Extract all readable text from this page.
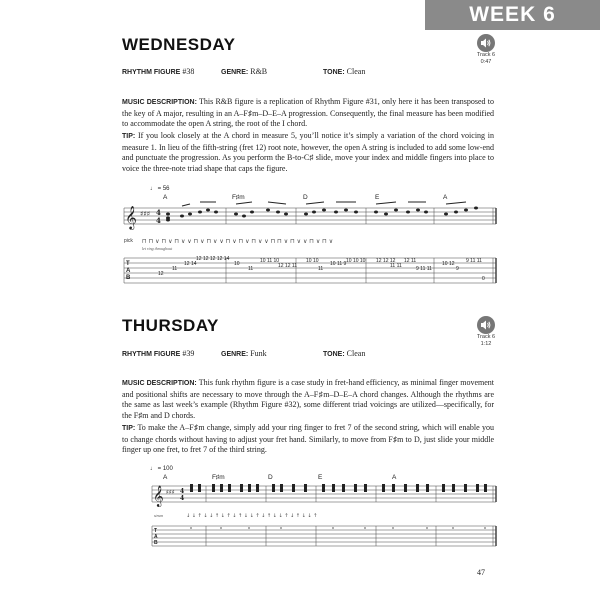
WEEK 6
WEDNESDAY
Track 6
0:47
RHYTHM FIGURE #38	GENRE: R&B	TONE: Clean
MUSIC DESCRIPTION: This R&B figure is a replication of Rhythm Figure #31, only here it has been transposed to the key of A major, resulting in an A–F♯m–D–E–A progression. Consequently, the final measure has been modified to accommodate the open A string, the root of the I chord.
TIP: If you look closely at the A chord in measure 5, you’ll notice it’s simply a variation of the chord voicing in measure 1. In lieu of the fifth-string (fret 12) root note, however, the open A string is included to add some low-end and punctuate the progression. As you perform the B-to-C♯ slide, move your index and middle fingers into place to voice the three-note triad shape that caps the figure.
♩ = 56
A	F♯m	D	E	A
𝄞 ♯♯♯ 4
4
pick
let ring throughout
⊓ ⊓ ∨ ⊓ ∨ ⊓ ∨ ∨ ⊓ ∨ ⊓ ∨ ∨ ⊓ ∨ ⊓ ∨ ⊓ ∨ ∨ ⊓ ⊓ ∨ ⊓ ∨ ∨ ⊓ ∨ ⊓ ∨
T
A
B
12
11
12 14
12 12 12 12 14
10
11
10 11 10
12 12 11
10 10
11
10 11 9 10 10 10 12 12 12
11 11
12 11
9 11 11
10 12
9
9 11 11
0
THURSDAY
Track 6
1:12
RHYTHM FIGURE #39	GENRE: Funk	TONE: Clean
MUSIC DESCRIPTION: This funk rhythm figure is a case study in fret-hand efficiency, as minimal finger movement and positional shifts are necessary to move through the A–F♯m–D–E–A chord changes. Although the rhythms are the same as last week’s example (Rhythm Figure #32), some different triad voicings are utilized—specifically, for the F♯m and D chords.
TIP: To make the A–F♯m change, simply add your ring finger to fret 7 of the second string, which will enable you to change chords without having to adjust your fret hand. Similarly, to move from F♯m to D, just slide your middle finger up one fret, to fret 7 of the third string.
♩ = 100
A	F♯m	D	E	A
𝄞 ♯♯♯ 4
4
strum	↓ ↓ ↑ ↓ ↓ ↑ ↓ ↑ ↓ ↑ ↓ ↓ ↑ ↓ ↑ ↓ ↓ ↑ ↓ ↑ ↓ ↓ ↑
T
A
B
47
